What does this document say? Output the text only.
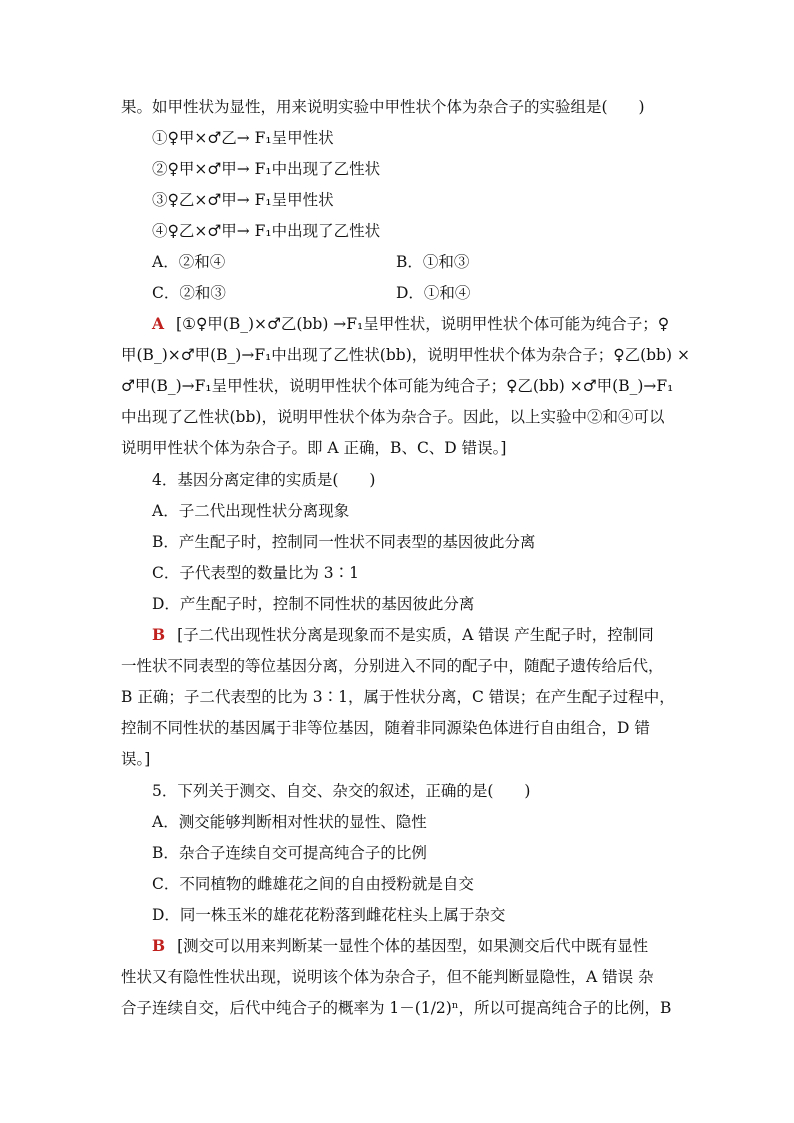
果。如甲性状为显性，用来说明实验中甲性状个体为杂合子的实验组是(　　)
①♀甲×♂乙→ F₁呈甲性状
②♀甲×♂甲→ F₁中出现了乙性状
③♀乙×♂甲→ F₁呈甲性状
④♀乙×♂甲→ F₁中出现了乙性状
A．②和④	B．①和③
C．②和③	D．①和④
A [①♀甲(B_)×♂乙(bb) →F₁呈甲性状，说明甲性状个体可能为纯合子；♀
甲(B_)×♂甲(B_)→F₁中出现了乙性状(bb)，说明甲性状个体为杂合子；♀乙(bb) ×
♂甲(B_)→F₁呈甲性状，说明甲性状个体可能为纯合子；♀乙(bb) ×♂甲(B_)→F₁
中出现了乙性状(bb)，说明甲性状个体为杂合子。因此，以上实验中②和④可以
说明甲性状个体为杂合子。即 A 正确，B、C、D 错误。]
4．基因分离定律的实质是(　　)
A．子二代出现性状分离现象
B．产生配子时，控制同一性状不同表型的基因彼此分离
C．子代表型的数量比为 3∶1
D．产生配子时，控制不同性状的基因彼此分离
B [子二代出现性状分离是现象而不是实质，A 错误 产生配子时，控制同
一性状不同表型的等位基因分离，分别进入不同的配子中，随配子遗传给后代，
B 正确；子二代表型的比为 3∶1，属于性状分离，C 错误；在产生配子过程中，
控制不同性状的基因属于非等位基因，随着非同源染色体进行自由组合，D 错
误。]
5．下列关于测交、自交、杂交的叙述，正确的是(　　)
A．测交能够判断相对性状的显性、隐性
B．杂合子连续自交可提高纯合子的比例
C．不同植物的雌雄花之间的自由授粉就是自交
D．同一株玉米的雄花花粉落到雌花柱头上属于杂交
B [测交可以用来判断某一显性个体的基因型，如果测交后代中既有显性
性状又有隐性性状出现，说明该个体为杂合子，但不能判断显隐性，A 错误 杂
合子连续自交，后代中纯合子的概率为 1－(1/2)ⁿ，所以可提高纯合子的比例，B
